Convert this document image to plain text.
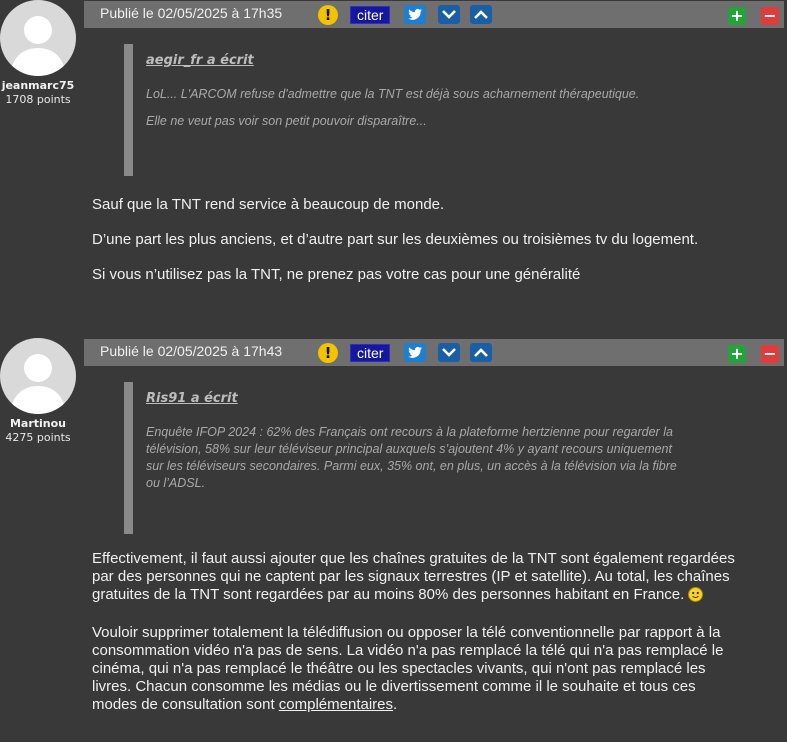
jeanmarc75
1708 points
Publié le 02/05/2025 à 17h35	!	citer	+ −
aegir_fr a écrit

LoL... L'ARCOM refuse d'admettre que la TNT est déjà sous acharnement thérapeutique.

Elle ne veut pas voir son petit pouvoir disparaître...

Sauf que la TNT rend service à beaucoup de monde.

D’une part les plus anciens, et d’autre part sur les deuxièmes ou troisièmes tv du logement.

Si vous n’utilisez pas la TNT, ne prenez pas votre cas pour une généralité

Martinou
4275 points
Publié le 02/05/2025 à 17h43	!	citer	+ −
Ris91 a écrit

Enquête IFOP 2024 : 62% des Français ont recours à la plateforme hertzienne pour regarder la

télévision, 58% sur leur téléviseur principal auxquels s’ajoutent 4% y ayant recours uniquement

sur les téléviseurs secondaires. Parmi eux, 35% ont, en plus, un accès à la télévision via la fibre

ou l’ADSL.

Effectivement, il faut aussi ajouter que les chaînes gratuites de la TNT sont également regardées

par des personnes qui ne captent par les signaux terrestres (IP et satellite). Au total, les chaînes

gratuites de la TNT sont regardées par au moins 80% des personnes habitant en France.

Vouloir supprimer totalement la télédiffusion ou opposer la télé conventionnelle par rapport à la

consommation vidéo n'a pas de sens. La vidéo n'a pas remplacé la télé qui n'a pas remplacé le

cinéma, qui n'a pas remplacé le théâtre ou les spectacles vivants, qui n'ont pas remplacé les

livres. Chacun consomme les médias ou le divertissement comme il le souhaite et tous ces

modes de consultation sont complémentaires.
